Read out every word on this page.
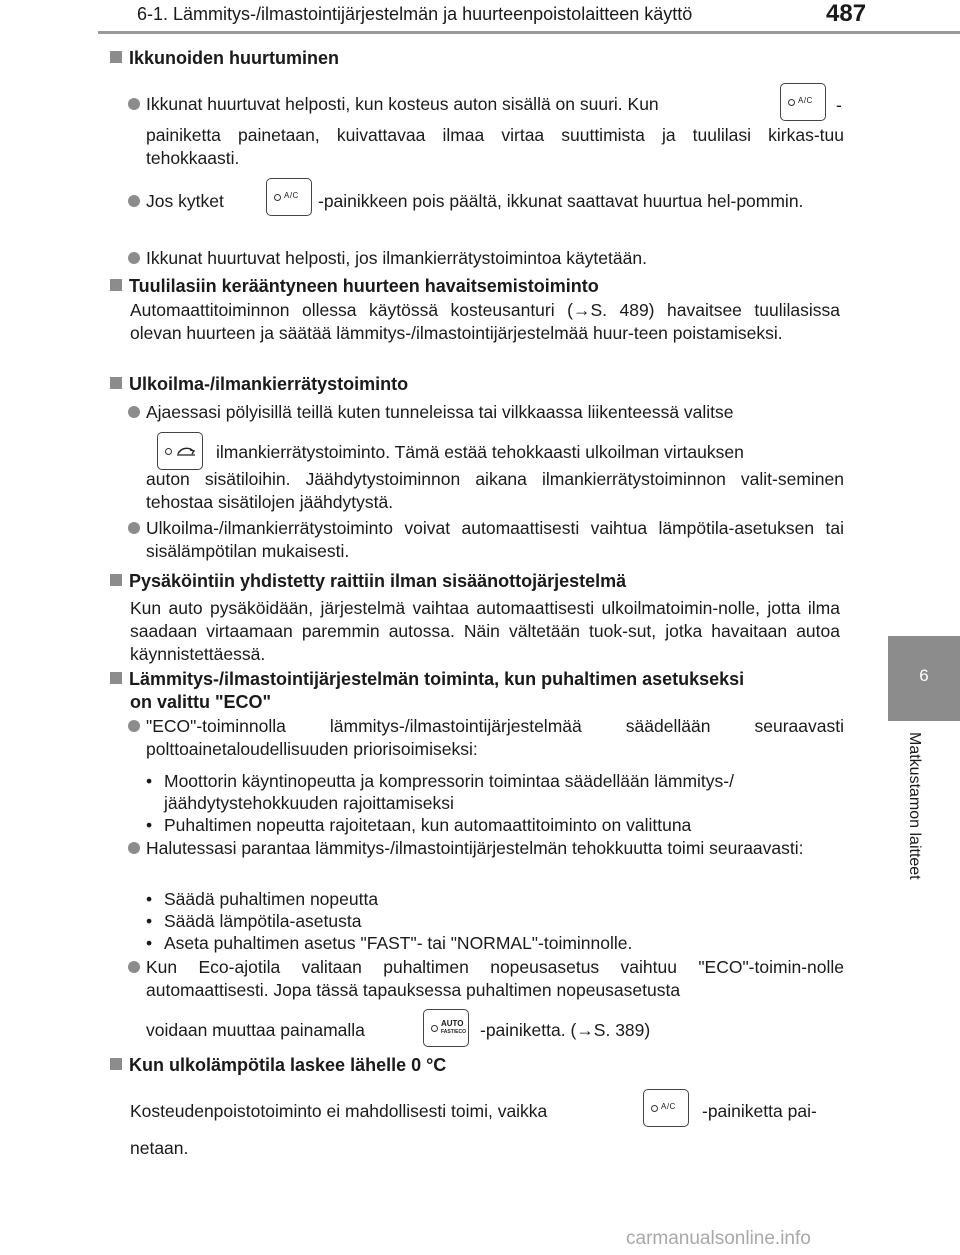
6-1. Lämmitys-/ilmastointijärjestelmän ja huurteenpoistolaitteen käyttö	487
6
Matkustamon laitteet
Ikkunoiden huurtuminen
Ikkunat huurtuvat helposti, kun kosteus auton sisällä on suuri. Kun	A/C -
painiketta painetaan, kuivattavaa ilmaa virtaa suuttimista ja tuulilasi kirkas-tuu tehokkaasti.
Jos kytket	A/C -painikkeen pois päältä, ikkunat saattavat huurtua hel-pommin.
Ikkunat huurtuvat helposti, jos ilmankierrätystoimintoa käytetään.
Tuulilasiin kerääntyneen huurteen havaitsemistoiminto
Automaattitoiminnon ollessa käytössä kosteusanturi (→S. 489) havaitsee tuulilasissa olevan huurteen ja säätää lämmitys-/ilmastointijärjestelmää huur-teen poistamiseksi.
Ulkoilma-/ilmankierrätystoiminto
Ajaessasi pölyisillä teillä kuten tunneleissa tai vilkkaassa liikenteessä valitse
ilmankierrätystoiminto. Tämä estää tehokkaasti ulkoilman virtauksen
auton sisätiloihin. Jäähdytystoiminnon aikana ilmankierrätystoiminnon valit-seminen tehostaa sisätilojen jäähdytystä.
Ulkoilma-/ilmankierrätystoiminto voivat automaattisesti vaihtua lämpötila-asetuksen tai sisälämpötilan mukaisesti.
Pysäköintiin yhdistetty raittiin ilman sisäänottojärjestelmä
Kun auto pysäköidään, järjestelmä vaihtaa automaattisesti ulkoilmatoimin-nolle, jotta ilma saadaan virtaamaan paremmin autossa. Näin vältetään tuok-sut, jotka havaitaan autoa käynnistettäessä.
Lämmitys-/ilmastointijärjestelmän toiminta, kun puhaltimen asetukseksi
on valittu "ECO"
"ECO"-toiminnolla lämmitys-/ilmastointijärjestelmää säädellään seuraavasti polttoainetaloudellisuuden priorisoimiseksi:
• Moottorin käyntinopeutta ja kompressorin toimintaa säädellään lämmitys-/ jäähdytystehokkuuden rajoittamiseksi
• Puhaltimen nopeutta rajoitetaan, kun automaattitoiminto on valittuna
Halutessasi parantaa lämmitys-/ilmastointijärjestelmän tehokkuutta toimi seuraavasti:
• Säädä puhaltimen nopeutta
• Säädä lämpötila-asetusta
• Aseta puhaltimen asetus "FAST"- tai "NORMAL"-toiminnolle.
Kun Eco-ajotila valitaan puhaltimen nopeusasetus vaihtuu "ECO"-toimin-nolle automaattisesti. Jopa tässä tapauksessa puhaltimen nopeusasetusta
voidaan muuttaa painamalla	AUTO
FAST/ECO -painiketta. (→S. 389)
Kun ulkolämpötila laskee lähelle 0 °C
Kosteudenpoistotoiminto ei mahdollisesti toimi, vaikka	A/C -painiketta pai-
netaan.
carmanualsonline.info
